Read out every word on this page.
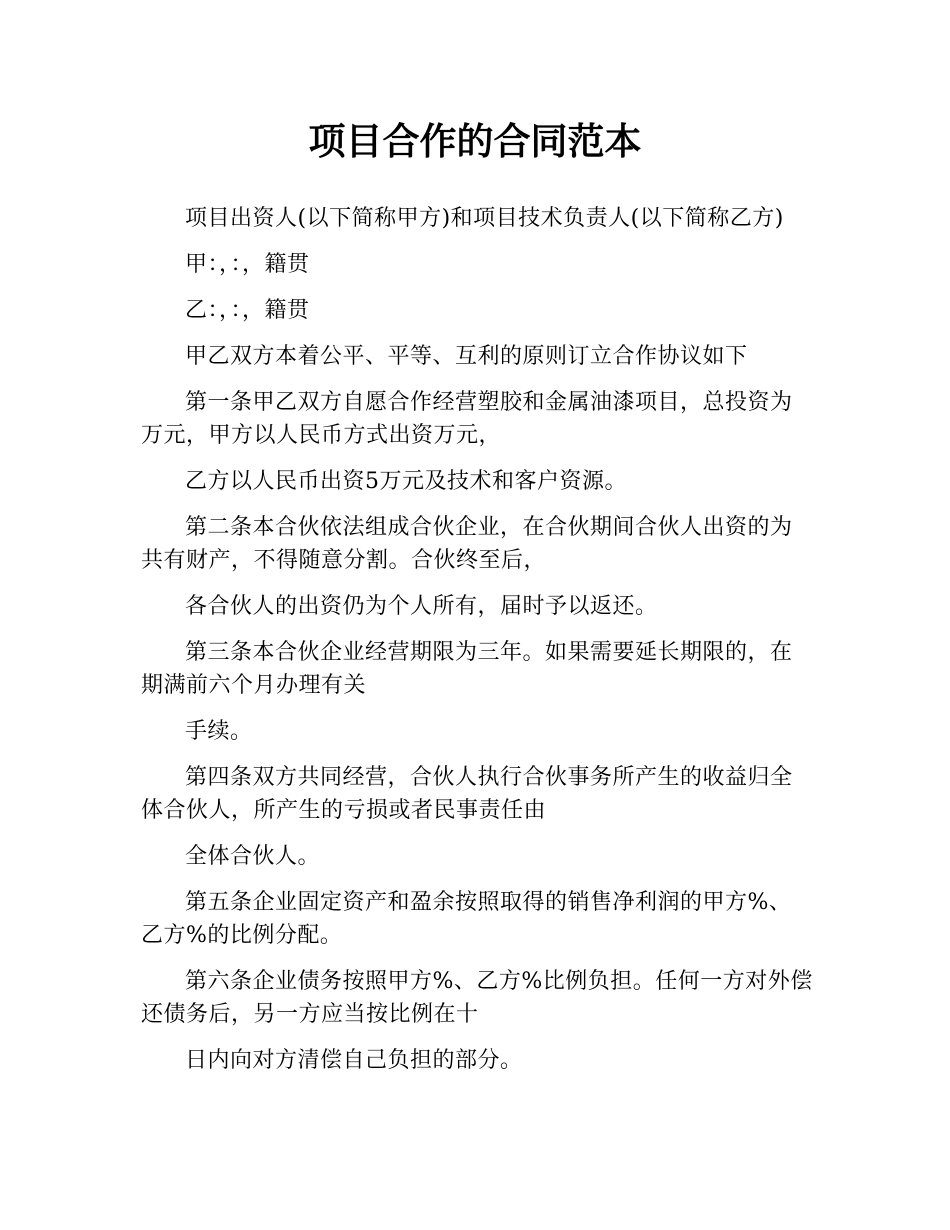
项目合作的合同范本

项目出资人(以下简称甲方)和项目技术负责人(以下简称乙方)

甲：，：，籍贯

乙：，：，籍贯

甲乙双方本着公平、平等、互利的原则订立合作协议如下

第一条甲乙双方自愿合作经营塑胶和金属油漆项目，总投资为万元，甲方以人民币方式出资万元，

乙方以人民币出资5万元及技术和客户资源。

第二条本合伙依法组成合伙企业，在合伙期间合伙人出资的为共有财产，不得随意分割。合伙终至后，

各合伙人的出资仍为个人所有，届时予以返还。

第三条本合伙企业经营期限为三年。如果需要延长期限的，在期满前六个月办理有关

手续。

第四条双方共同经营，合伙人执行合伙事务所产生的收益归全体合伙人，所产生的亏损或者民事责任由

全体合伙人。

第五条企业固定资产和盈余按照取得的销售净利润的甲方%、乙方%的比例分配。

第六条企业债务按照甲方%、乙方%比例负担。任何一方对外偿还债务后，另一方应当按比例在十

日内向对方清偿自己负担的部分。
